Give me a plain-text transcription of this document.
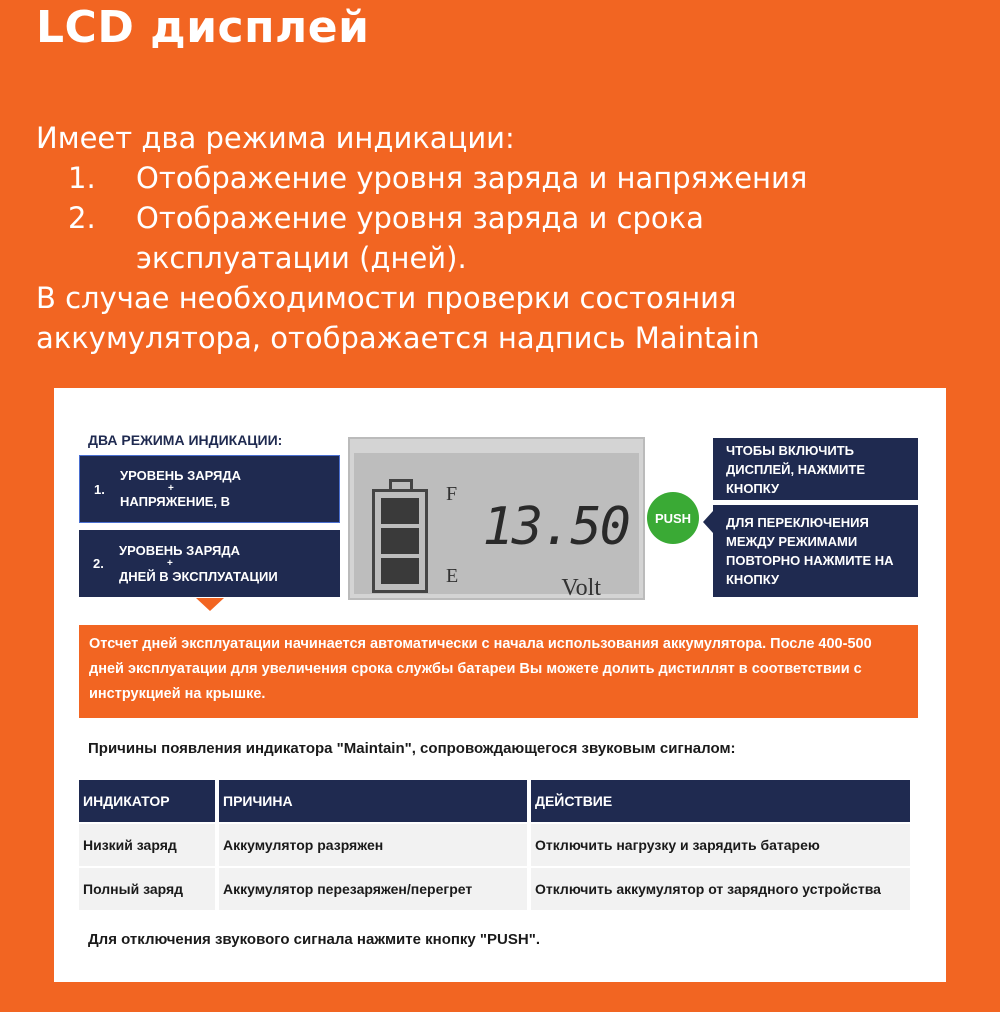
LCD дисплей
Имеет два режима индикации:
1.	Отображение уровня заряда и напряжения
2.	Отображение уровня заряда и срока эксплуатации (дней).
В случае необходимости проверки состояния аккумулятора, отображается надпись Maintain
ДВА РЕЖИМА ИНДИКАЦИИ:
1.
УРОВЕНЬ ЗАРЯДА
+
НАПРЯЖЕНИЕ, В
2.
УРОВЕНЬ ЗАРЯДА
+
ДНЕЙ В ЭКСПЛУАТАЦИИ
F
E
13.50
Volt
PUSH
ЧТОБЫ ВКЛЮЧИТЬ ДИСПЛЕЙ, НАЖМИТЕ КНОПКУ
ДЛЯ ПЕРЕКЛЮЧЕНИЯ МЕЖДУ РЕЖИМАМИ ПОВТОРНО НАЖМИТЕ НА КНОПКУ
Отсчет дней эксплуатации начинается автоматически с начала использования аккумулятора. После 400-500 дней эксплуатации для увеличения срока службы батареи Вы можете долить дистиллят в соответствии с инструкцией на крышке.
Причины появления индикатора "Maintain", сопровождающегося звуковым сигналом:
ИНДИКАТОР	ПРИЧИНА	ДЕЙСТВИЕ
Низкий заряд	Аккумулятор разряжен	Отключить нагрузку и зарядить батарею
Полный заряд	Аккумулятор перезаряжен/перегрет	Отключить аккумулятор от зарядного устройства
Для отключения звукового сигнала нажмите кнопку "PUSH".
